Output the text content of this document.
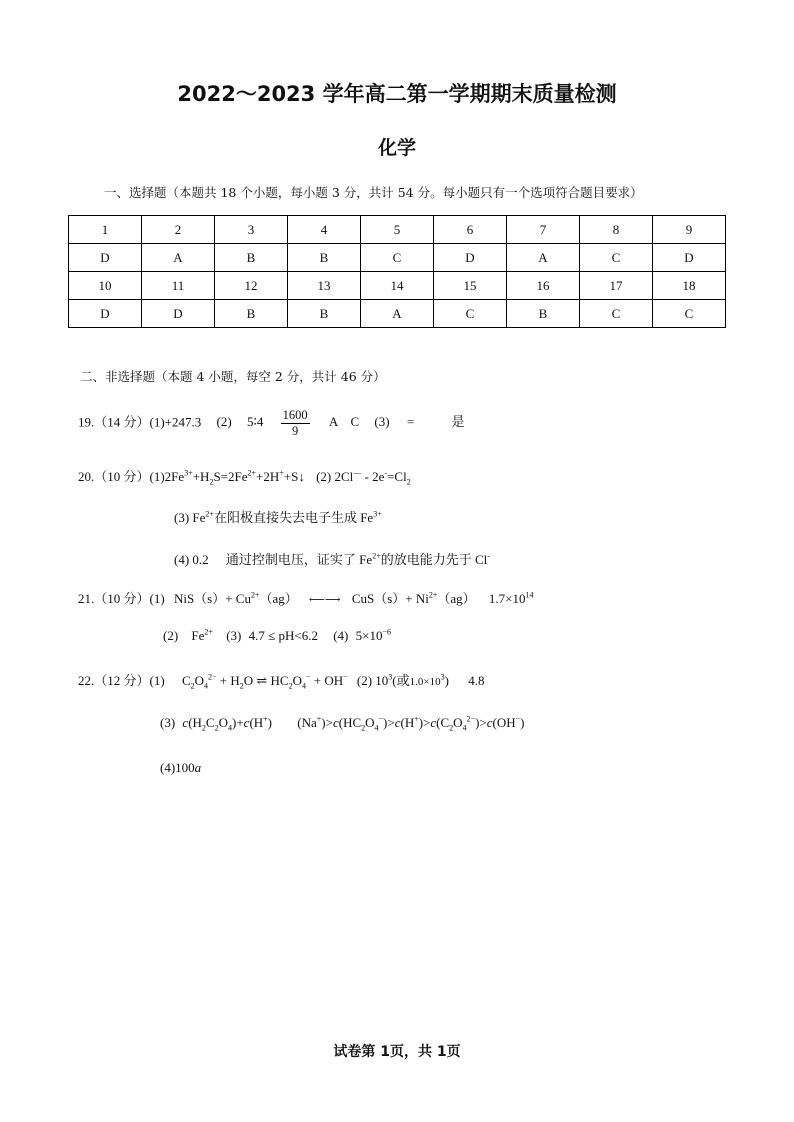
2022～2023 学年高二第一学期期末质量检测
化学
一、选择题（本题共 18 个小题，每小题 3 分，共计 54 分。每小题只有一个选项符合题目要求）
1	2	3	4	5	6	7	8	9
D	A	B	B	C	D	A	C	D
10	11	12	13	14	15	16	17	18
D	D	B	B	A	C	B	C	C
二、非选择题（本题 4 小题，每空 2 分，共计 46 分）
19.（14 分）(1)+247.3 (2) 5∶4 $\frac{1600}{9}$ A　C (3) =	是
20.（10 分）$(1)2Fe^{3+}+H_2S=2Fe^{2+}+2H^++S↓$ (2) $2Cl^— - 2e^-=Cl_2$
(3) $Fe^{2+}$在阳极直接失去电子生成 $Fe^{3+}$
(4) 0.2 通过控制电压，证实了 $Fe^{2+}$的放电能力先于 Cl-
21.（10 分）(1) $NiS(s)+ Cu^{2+}(ag)$ ⟵⟶ $CuS(s)+ Ni^{2+}(ag)$ $1.7\times 10^{14}$
(2) $Fe^{2+}$ (3) 4.7 ≤ pH<6.2 (4) $5\times 10^{-6}$
22.（12 分）(1) $C_2O_4^{2-} + H_2O$ ⇌ $HC_2O_4^- + OH^-$ (2) $10^3$(或$1.0\times 10^3$) 4.8
(3) $c(H_2C_2O_4)+c(H^+)$ $(Na^+)>c(HC_2O_4^-)>c(H^+)>c(C_2O_4^{2-})>c(OH^-)$
(4)100a
试卷第 1页，共 1页
